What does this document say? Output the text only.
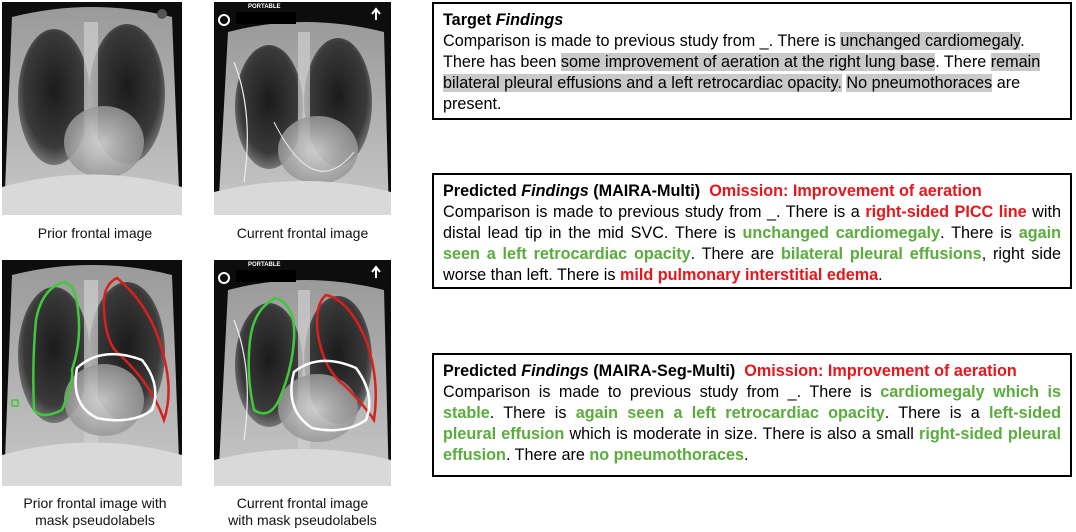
Prior frontal image
PORTABLE
Current frontal image
Prior frontal image with
mask pseudolabels
PORTABLE
Current frontal image
with mask pseudolabels
Target Findings
Comparison is made to previous study from _. There is unchanged cardiomegaly. There has been some improvement of aeration at the right lung base. There remain bilateral pleural effusions and a left retrocardiac opacity. No pneumothoraces are present.
Predicted Findings (MAIRA-Multi) Omission: Improvement of aeration
Comparison is made to previous study from _. There is a right-sided PICC line with distal lead tip in the mid SVC. There is unchanged cardiomegaly. There is again seen a left retrocardiac opacity. There are bilateral pleural effusions, right side worse than left. There is mild pulmonary interstitial edema.
Predicted Findings (MAIRA-Seg-Multi) Omission: Improvement of aeration
Comparison is made to previous study from _. There is cardiomegaly which is stable. There is again seen a left retrocardiac opacity. There is a left-sided pleural effusion which is moderate in size. There is also a small right-sided pleural effusion. There are no pneumothoraces.
